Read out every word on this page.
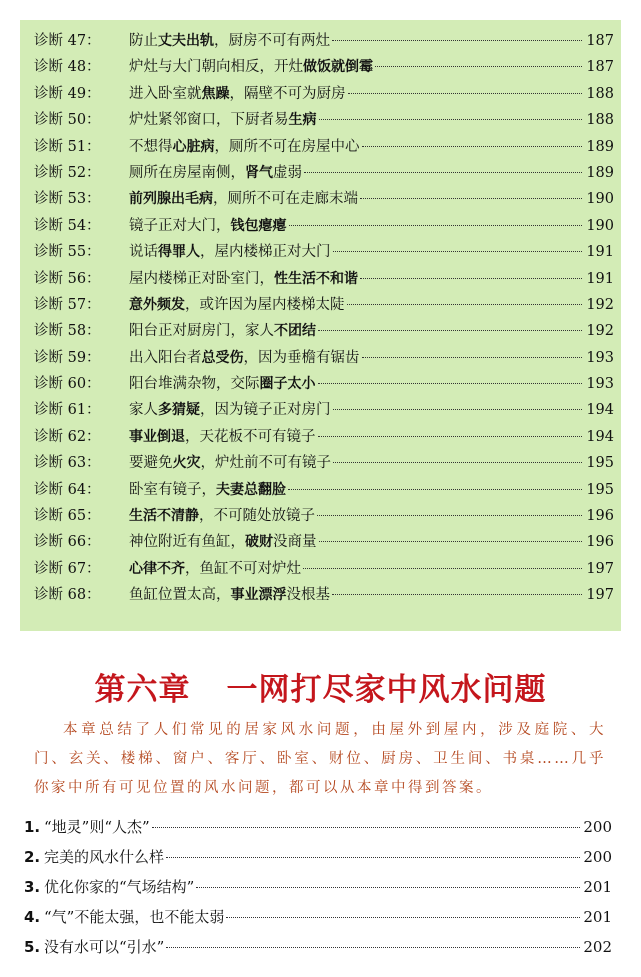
诊断 47：	防止丈夫出轨，厨房不可有两灶	187
诊断 48：	炉灶与大门朝向相反，开灶做饭就倒霉	187
诊断 49：	进入卧室就焦躁，隔壁不可为厨房	188
诊断 50：	炉灶紧邻窗口，下厨者易生病	188
诊断 51：	不想得心脏病，厕所不可在房屋中心	189
诊断 52：	厕所在房屋南侧，肾气虚弱	189
诊断 53：	前列腺出毛病，厕所不可在走廊末端	190
诊断 54：	镜子正对大门，钱包瘪瘪	190
诊断 55：	说话得罪人，屋内楼梯正对大门	191
诊断 56：	屋内楼梯正对卧室门，性生活不和谐	191
诊断 57：	意外频发，或许因为屋内楼梯太陡	192
诊断 58：	阳台正对厨房门，家人不团结	192
诊断 59：	出入阳台者总受伤，因为垂檐有锯齿	193
诊断 60：	阳台堆满杂物，交际圈子太小	193
诊断 61：	家人多猜疑，因为镜子正对房门	194
诊断 62：	事业倒退，天花板不可有镜子	194
诊断 63：	要避免火灾，炉灶前不可有镜子	195
诊断 64：	卧室有镜子，夫妻总翻脸	195
诊断 65：	生活不清静，不可随处放镜子	196
诊断 66：	神位附近有鱼缸，破财没商量	196
诊断 67：	心律不齐，鱼缸不可对炉灶	197
诊断 68：	鱼缸位置太高，事业漂浮没根基	197
第六章 一网打尽家中风水问题
本章总结了人们常见的居家风水问题，由屋外到屋内，涉及庭院、大门、玄关、楼梯、窗户、客厅、卧室、财位、厨房、卫生间、书桌……几乎你家中所有可见位置的风水问题，都可以从本章中得到答案。
1. “地灵”则“人杰”	200
2. 完美的风水什么样	200
3. 优化你家的“气场结构”	201
4. “气”不能太强，也不能太弱	201
5. 没有水可以“引水”	202
